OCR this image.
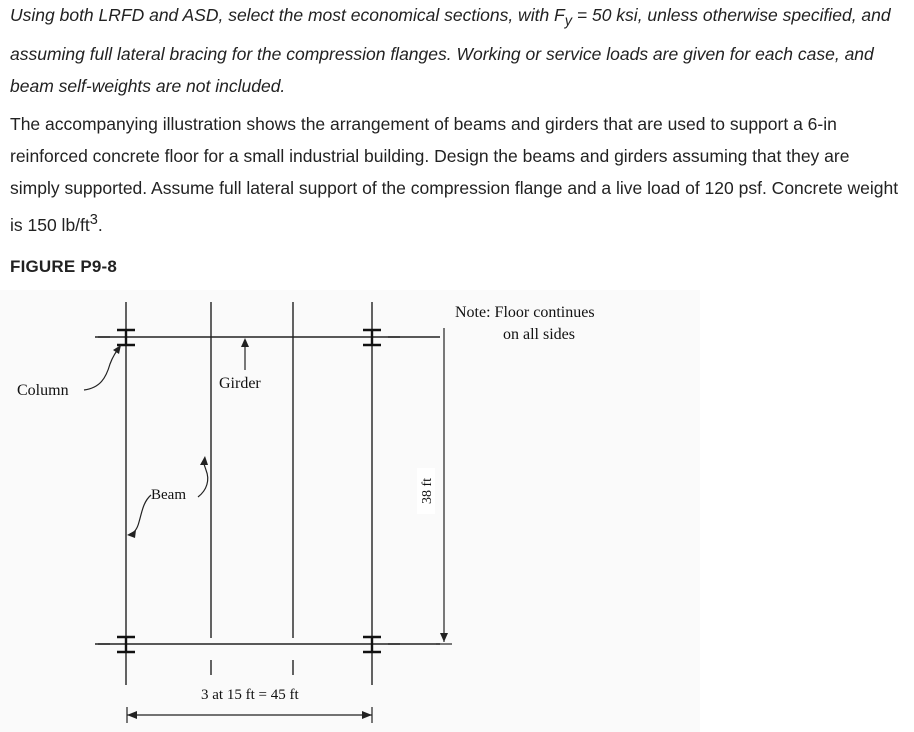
Using both LRFD and ASD, select the most economical sections, with $F_y = 50$ ksi, unless otherwise specified, and assuming full lateral bracing for the compression flanges. Working or service loads are given for each case, and beam self-weights are not included.

The accompanying illustration shows the arrangement of beams and girders that are used to support a 6-in reinforced concrete floor for a small industrial building. Design the beams and girders assuming that they are simply supported. Assume full lateral support of the compression flange and a live load of 120 psf. Concrete weight is 150 $lb/ft^3$.

FIGURE P9-8

Note: Floor continues
on all sides
Girder
Column
Beam	38 ft
3 at 15 ft = 45 ft
